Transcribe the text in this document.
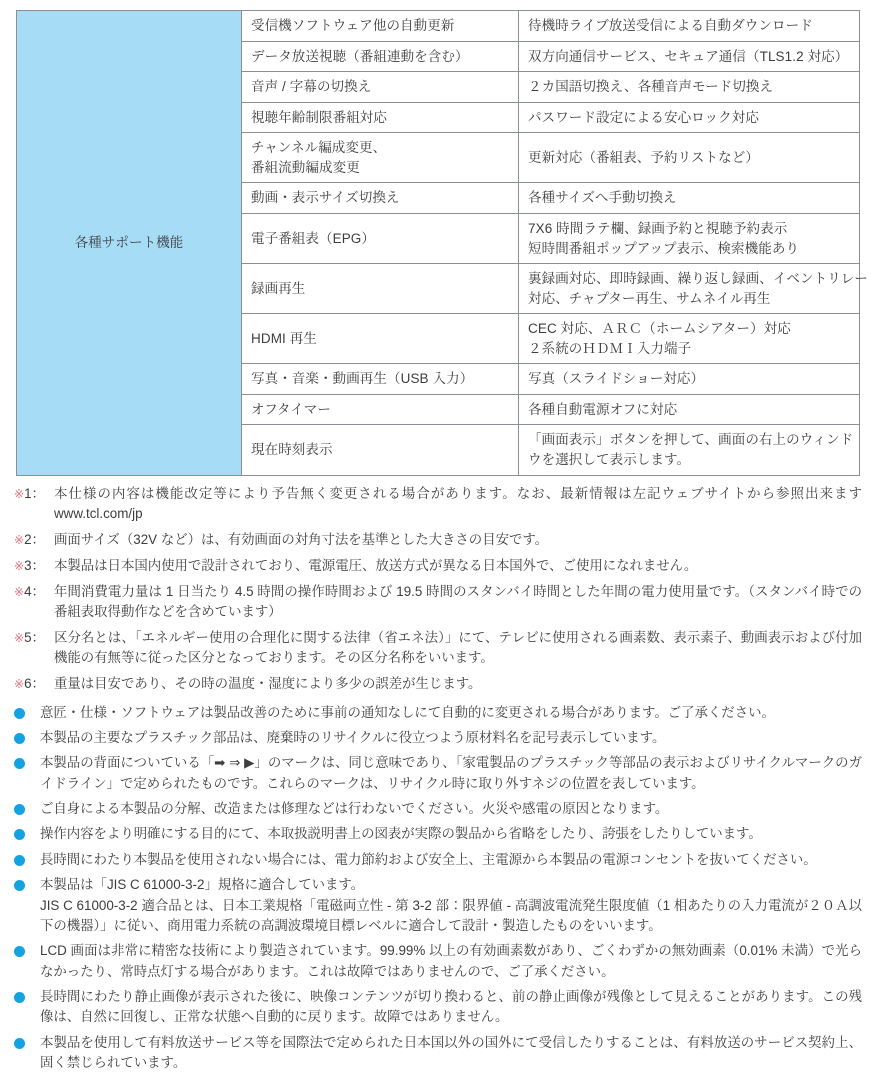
各種サポート機能	受信機ソフトウェア他の自動更新	待機時ライブ放送受信による自動ダウンロード

	データ放送視聴（番組連動を含む）	双方向通信サービス、セキュア通信（TLS1.2 対応）

	音声 / 字幕の切換え	２カ国語切換え、各種音声モード切換え

	視聴年齢制限番組対応	パスワード設定による安心ロック対応

	チャンネル編成変更、
番組流動編成変更	更新対応（番組表、予約リストなど）

	動画・表示サイズ切換え	各種サイズへ手動切換え

	電子番組表（EPG）	7X6 時間ラテ欄、録画予約と視聴予約表示
短時間番組ポップアップ表示、検索機能あり

	録画再生	裏録画対応、即時録画、繰り返し録画、イベントリレー
対応、チャプター再生、サムネイル再生

	HDMI 再生	CEC 対応、ＡＲＣ（ホームシアター）対応
２系統のＨＤＭＩ入力端子

	写真・音楽・動画再生（USB 入力）	写真（スライドショー対応）

	オフタイマー	各種自動電源オフに対応

	現在時刻表示	「画面表示」ボタンを押して、画面の右上のウィンド
ウを選択して表示します。
※1： 本仕様の内容は機能改定等により予告無く変更される場合があります。なお、最新情報は左記ウェブサイトから参照出来ます www.tcl.com/jp
※2： 画面サイズ（32V など）は、有効画面の対角寸法を基準とした大きさの目安です。
※3： 本製品は日本国内使用で設計されており、電源電圧、放送方式が異なる日本国外で、ご使用になれません。
※4： 年間消費電力量は 1 日当たり 4.5 時間の操作時間および 19.5 時間のスタンバイ時間とした年間の電力使用量です。（スタンバイ時での番組表取得動作などを含めています）
※5： 区分名とは、「エネルギー使用の合理化に関する法律（省エネ法）」にて、テレビに使用される画素数、表示素子、動画表示および付加機能の有無等に従った区分となっております。その区分名称をいいます。
※6： 重量は目安であり、その時の温度・湿度により多少の誤差が生じます。
意匠・仕様・ソフトウェアは製品改善のために事前の通知なしにて自動的に変更される場合があります。ご了承ください。
本製品の主要なプラスチック部品は、廃棄時のリサイクルに役立つよう原材料名を記号表示しています。
本製品の背面についている「➡ ⇒ ▶」のマークは、同じ意味であり、「家電製品のプラスチック等部品の表示およびリサイクルマークのガイドライン」で定められたものです。これらのマークは、リサイクル時に取り外すネジの位置を表しています。
ご自身による本製品の分解、改造または修理などは行わないでください。火災や感電の原因となります。
操作内容をより明確にする目的にて、本取扱説明書上の図表が実際の製品から省略をしたり、誇張をしたりしています。
長時間にわたり本製品を使用されない場合には、電力節約および安全上、主電源から本製品の電源コンセントを抜いてください。
本製品は「JIS C 61000-3-2」規格に適合しています。
JIS C 61000-3-2 適合品とは、日本工業規格「電磁両立性 - 第 3-2 部：限界値 - 高調波電流発生限度値（1 相あたりの入力電流が２０Ａ以下の機器）」に従い、商用電力系統の高調波環境目標レベルに適合して設計・製造したものをいいます。
LCD 画面は非常に精密な技術により製造されています。99.99% 以上の有効画素数があり、ごくわずかの無効画素（0.01% 未満）で光らなかったり、常時点灯する場合があります。これは故障ではありませんので、ご了承ください。
長時間にわたり静止画像が表示された後に、映像コンテンツが切り換わると、前の静止画像が残像として見えることがあります。この残像は、自然に回復し、正常な状態へ自動的に戻ります。故障ではありません。
本製品を使用して有料放送サービス等を国際法で定められた日本国以外の国外にて受信したりすることは、有料放送のサービス契約上、固く禁じられています。
